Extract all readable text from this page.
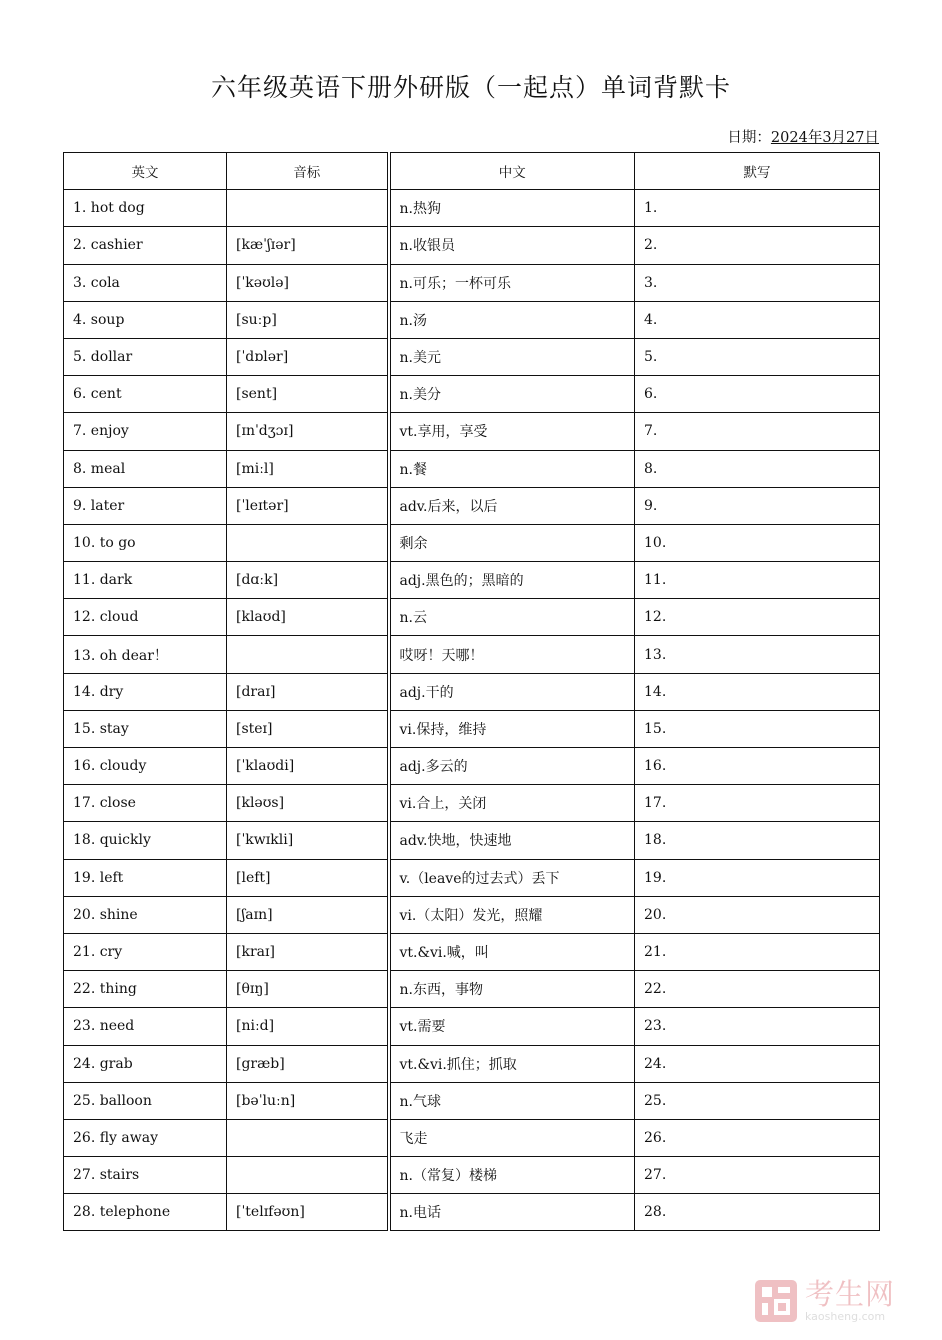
六年级英语下册外研版（一起点）单词背默卡
日期：2024年3月27日
英文	音标	中文	默写
1. hot dog		n.热狗	1.
2. cashier	[kæˈʃɪər]	n.收银员	2.
3. cola	[ˈkəʊlə]	n.可乐；一杯可乐	3.
4. soup	[suːp]	n.汤	4.
5. dollar	[ˈdɒlər]	n.美元	5.
6. cent	[sent]	n.美分	6.
7. enjoy	[ɪnˈdʒɔɪ]	vt.享用，享受	7.
8. meal	[miːl]	n.餐	8.
9. later	[ˈleɪtər]	adv.后来，以后	9.
10. to go		剩余	10.
11. dark	[dɑːk]	adj.黑色的；黑暗的	11.
12. cloud	[klaʊd]	n.云	12.
13. oh dear！		哎呀！天哪！	13.
14. dry	[draɪ]	adj.干的	14.
15. stay	[steɪ]	vi.保持，维持	15.
16. cloudy	[ˈklaʊdi]	adj.多云的	16.
17. close	[kləʊs]	vi.合上，关闭	17.
18. quickly	[ˈkwɪkli]	adv.快地，快速地	18.
19. left	[left]	v.（leave的过去式）丢下	19.
20. shine	[ʃaɪn]	vi.（太阳）发光，照耀	20.
21. cry	[kraɪ]	vt.&vi.喊，叫	21.
22. thing	[θɪŋ]	n.东西，事物	22.
23. need	[niːd]	vt.需要	23.
24. grab	[græb]	vt.&vi.抓住；抓取	24.
25. balloon	[bəˈluːn]	n.气球	25.
26. fly away		飞走	26.
27. stairs		n.（常复）楼梯	27.
28. telephone	[ˈtelɪfəʊn]	n.电话	28.
考生网
kaosheng.com
